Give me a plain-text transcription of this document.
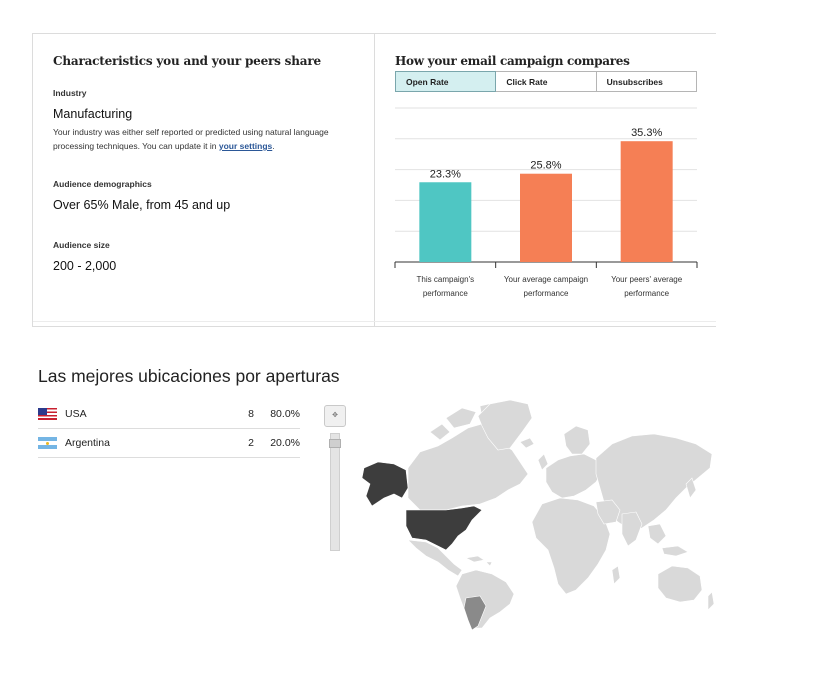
Characteristics you and your peers share
Industry
Manufacturing
Your industry was either self reported or predicted using natural language processing techniques. You can update it in your settings.
Audience demographics
Over 65% Male, from 45 and up
Audience size
200 - 2,000
How your email campaign compares
Open Rate	Click Rate	Unsubscribes
23.3%
This campaign's
performance
25.8%
Your average campaign
performance
35.3%
Your peers' average
performance
Las mejores ubicaciones por aperturas
USA	8	80.0%
Argentina	2	20.0%
✥
